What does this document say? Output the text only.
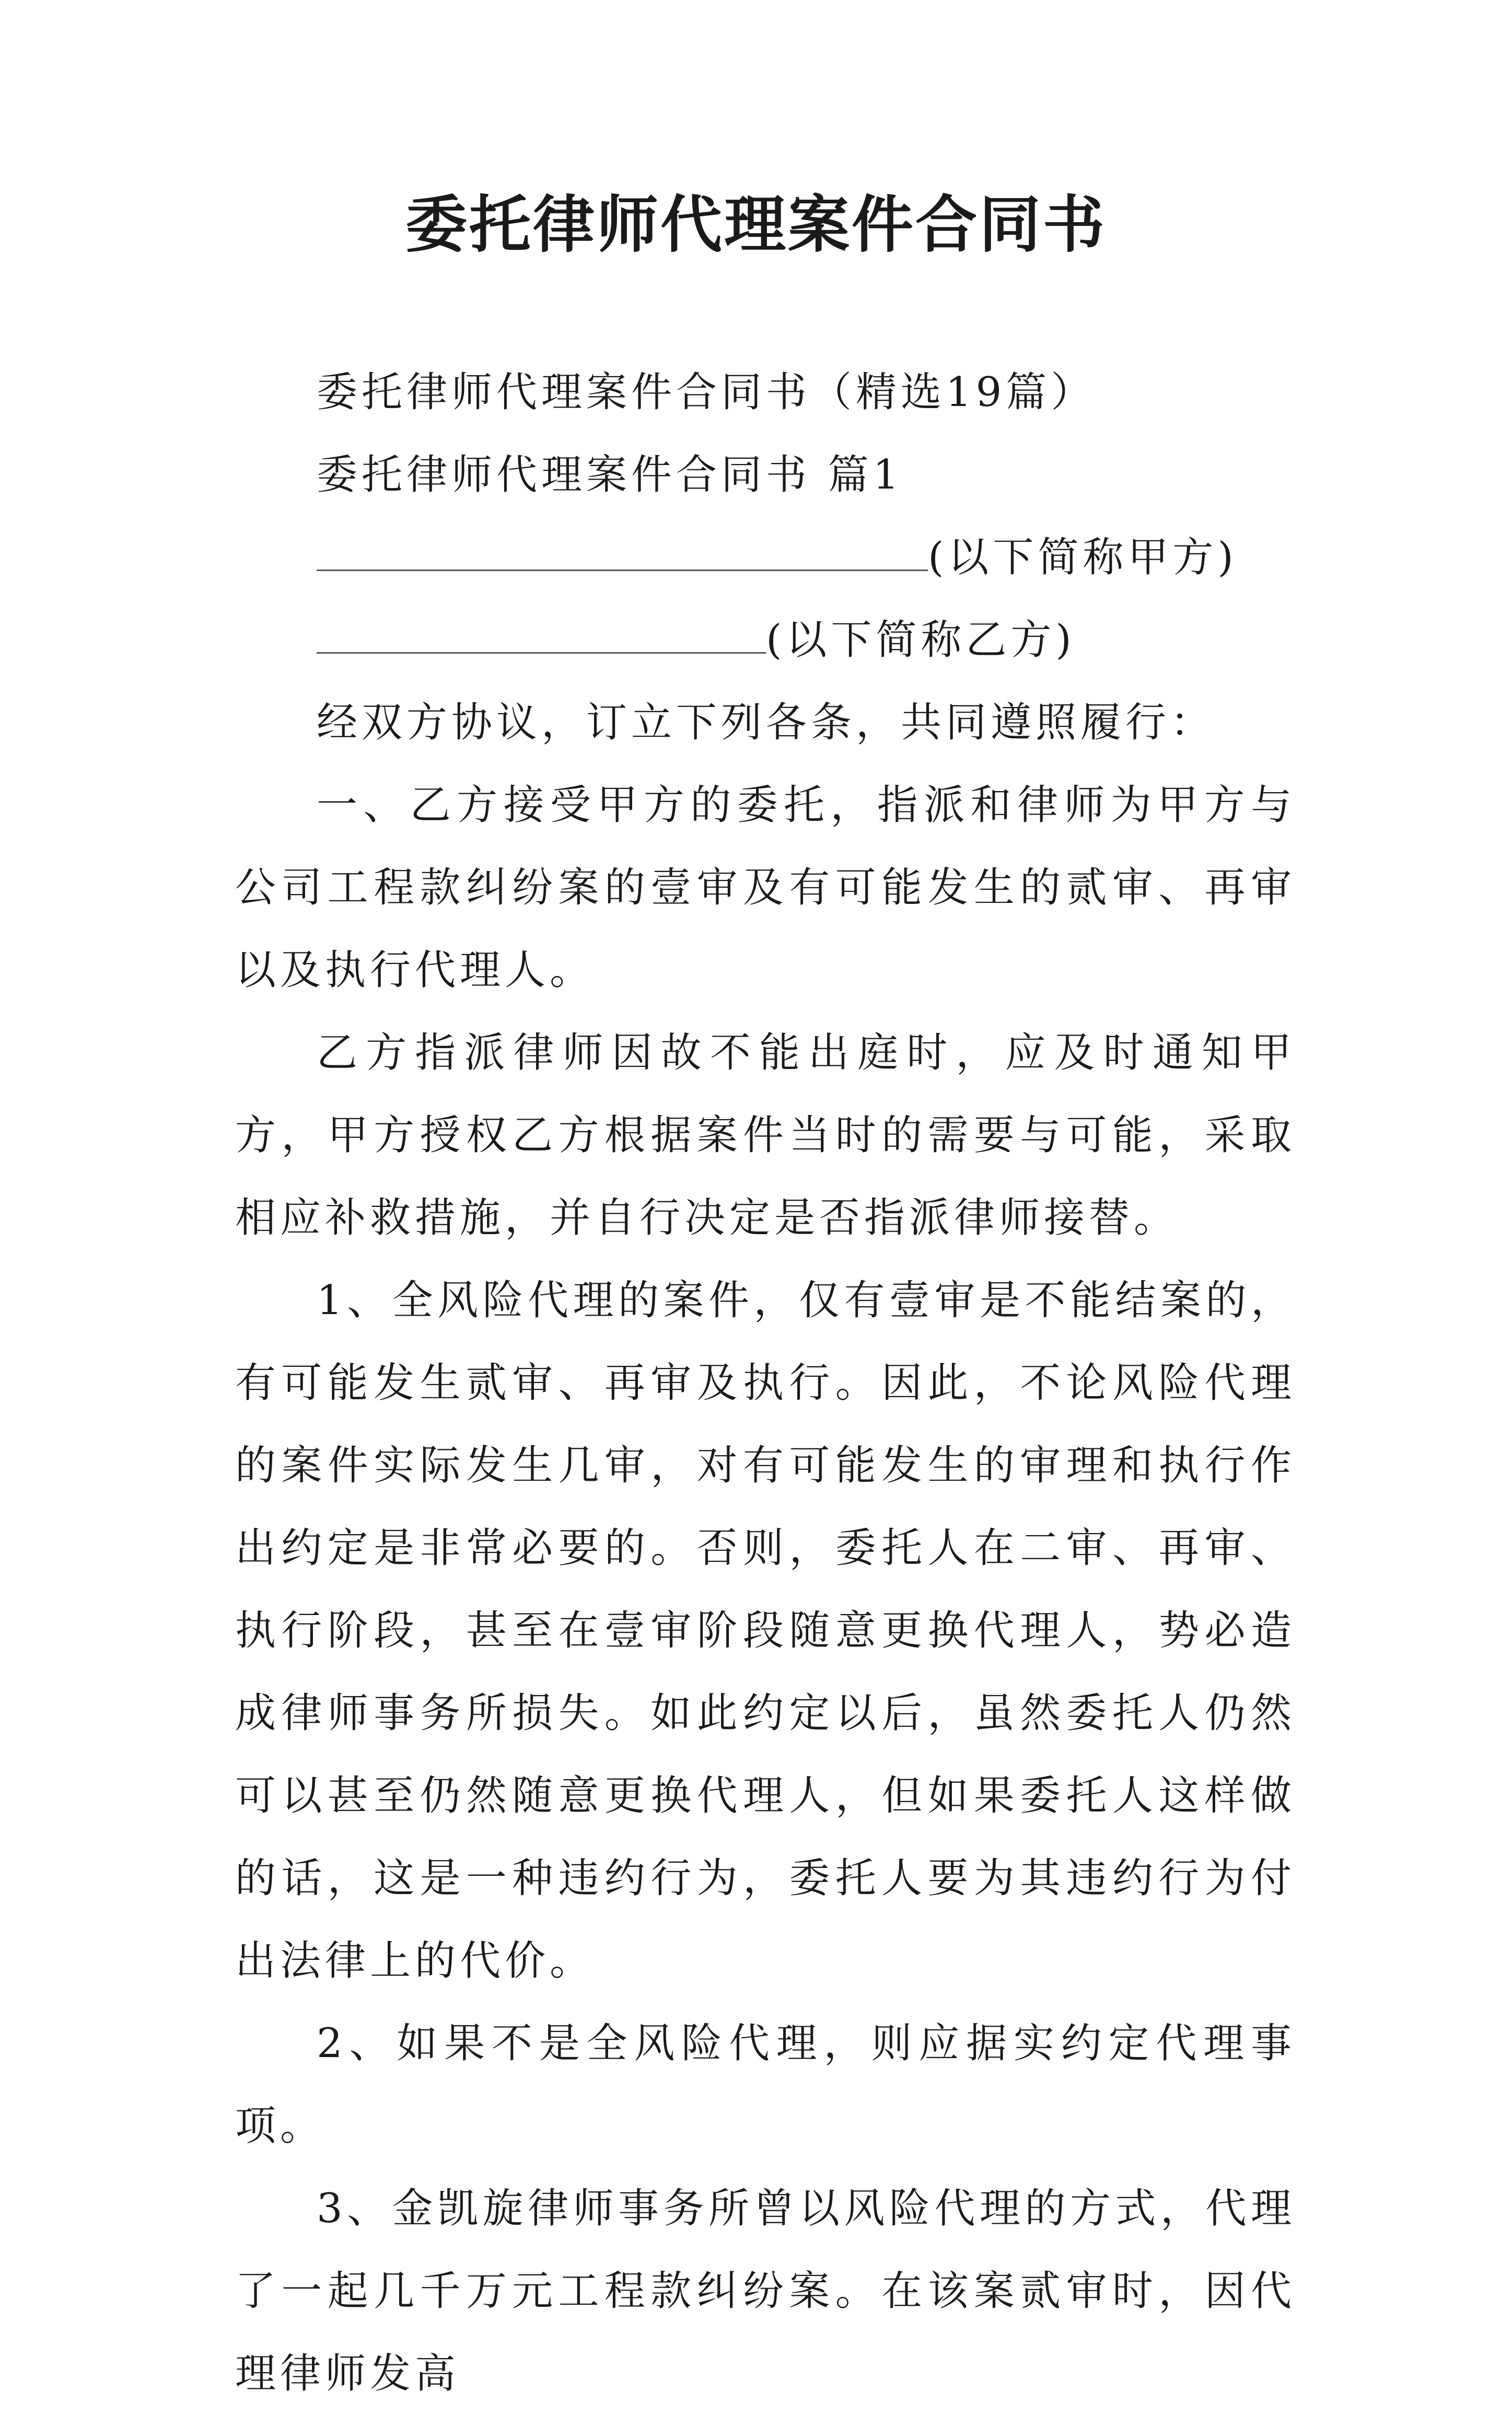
委托律师代理案件合同书

委托律师代理案件合同书（精选19篇）

委托律师代理案件合同书 篇1

(以下简称甲方)

(以下简称乙方)

经双方协议，订立下列各条，共同遵照履行：

一、乙方接受甲方的委托，指派和律师为甲方与公司工程款纠纷案的壹审及有可能发生的贰审、再审以及执行代理人。

乙方指派律师因故不能出庭时，应及时通知甲方，甲方授权乙方根据案件当时的需要与可能，采取相应补救措施，并自行决定是否指派律师接替。

1、全风险代理的案件，仅有壹审是不能结案的，有可能发生贰审、再审及执行。因此，不论风险代理的案件实际发生几审，对有可能发生的审理和执行作出约定是非常必要的。否则，委托人在二审、再审、执行阶段，甚至在壹审阶段随意更换代理人，势必造成律师事务所损失。如此约定以后，虽然委托人仍然可以甚至仍然随意更换代理人，但如果委托人这样做的话，这是一种违约行为，委托人要为其违约行为付出法律上的代价。

2、如果不是全风险代理，则应据实约定代理事项。

3、金凯旋律师事务所曾以风险代理的方式，代理了一起几千万元工程款纠纷案。在该案贰审时，因代理律师发高
